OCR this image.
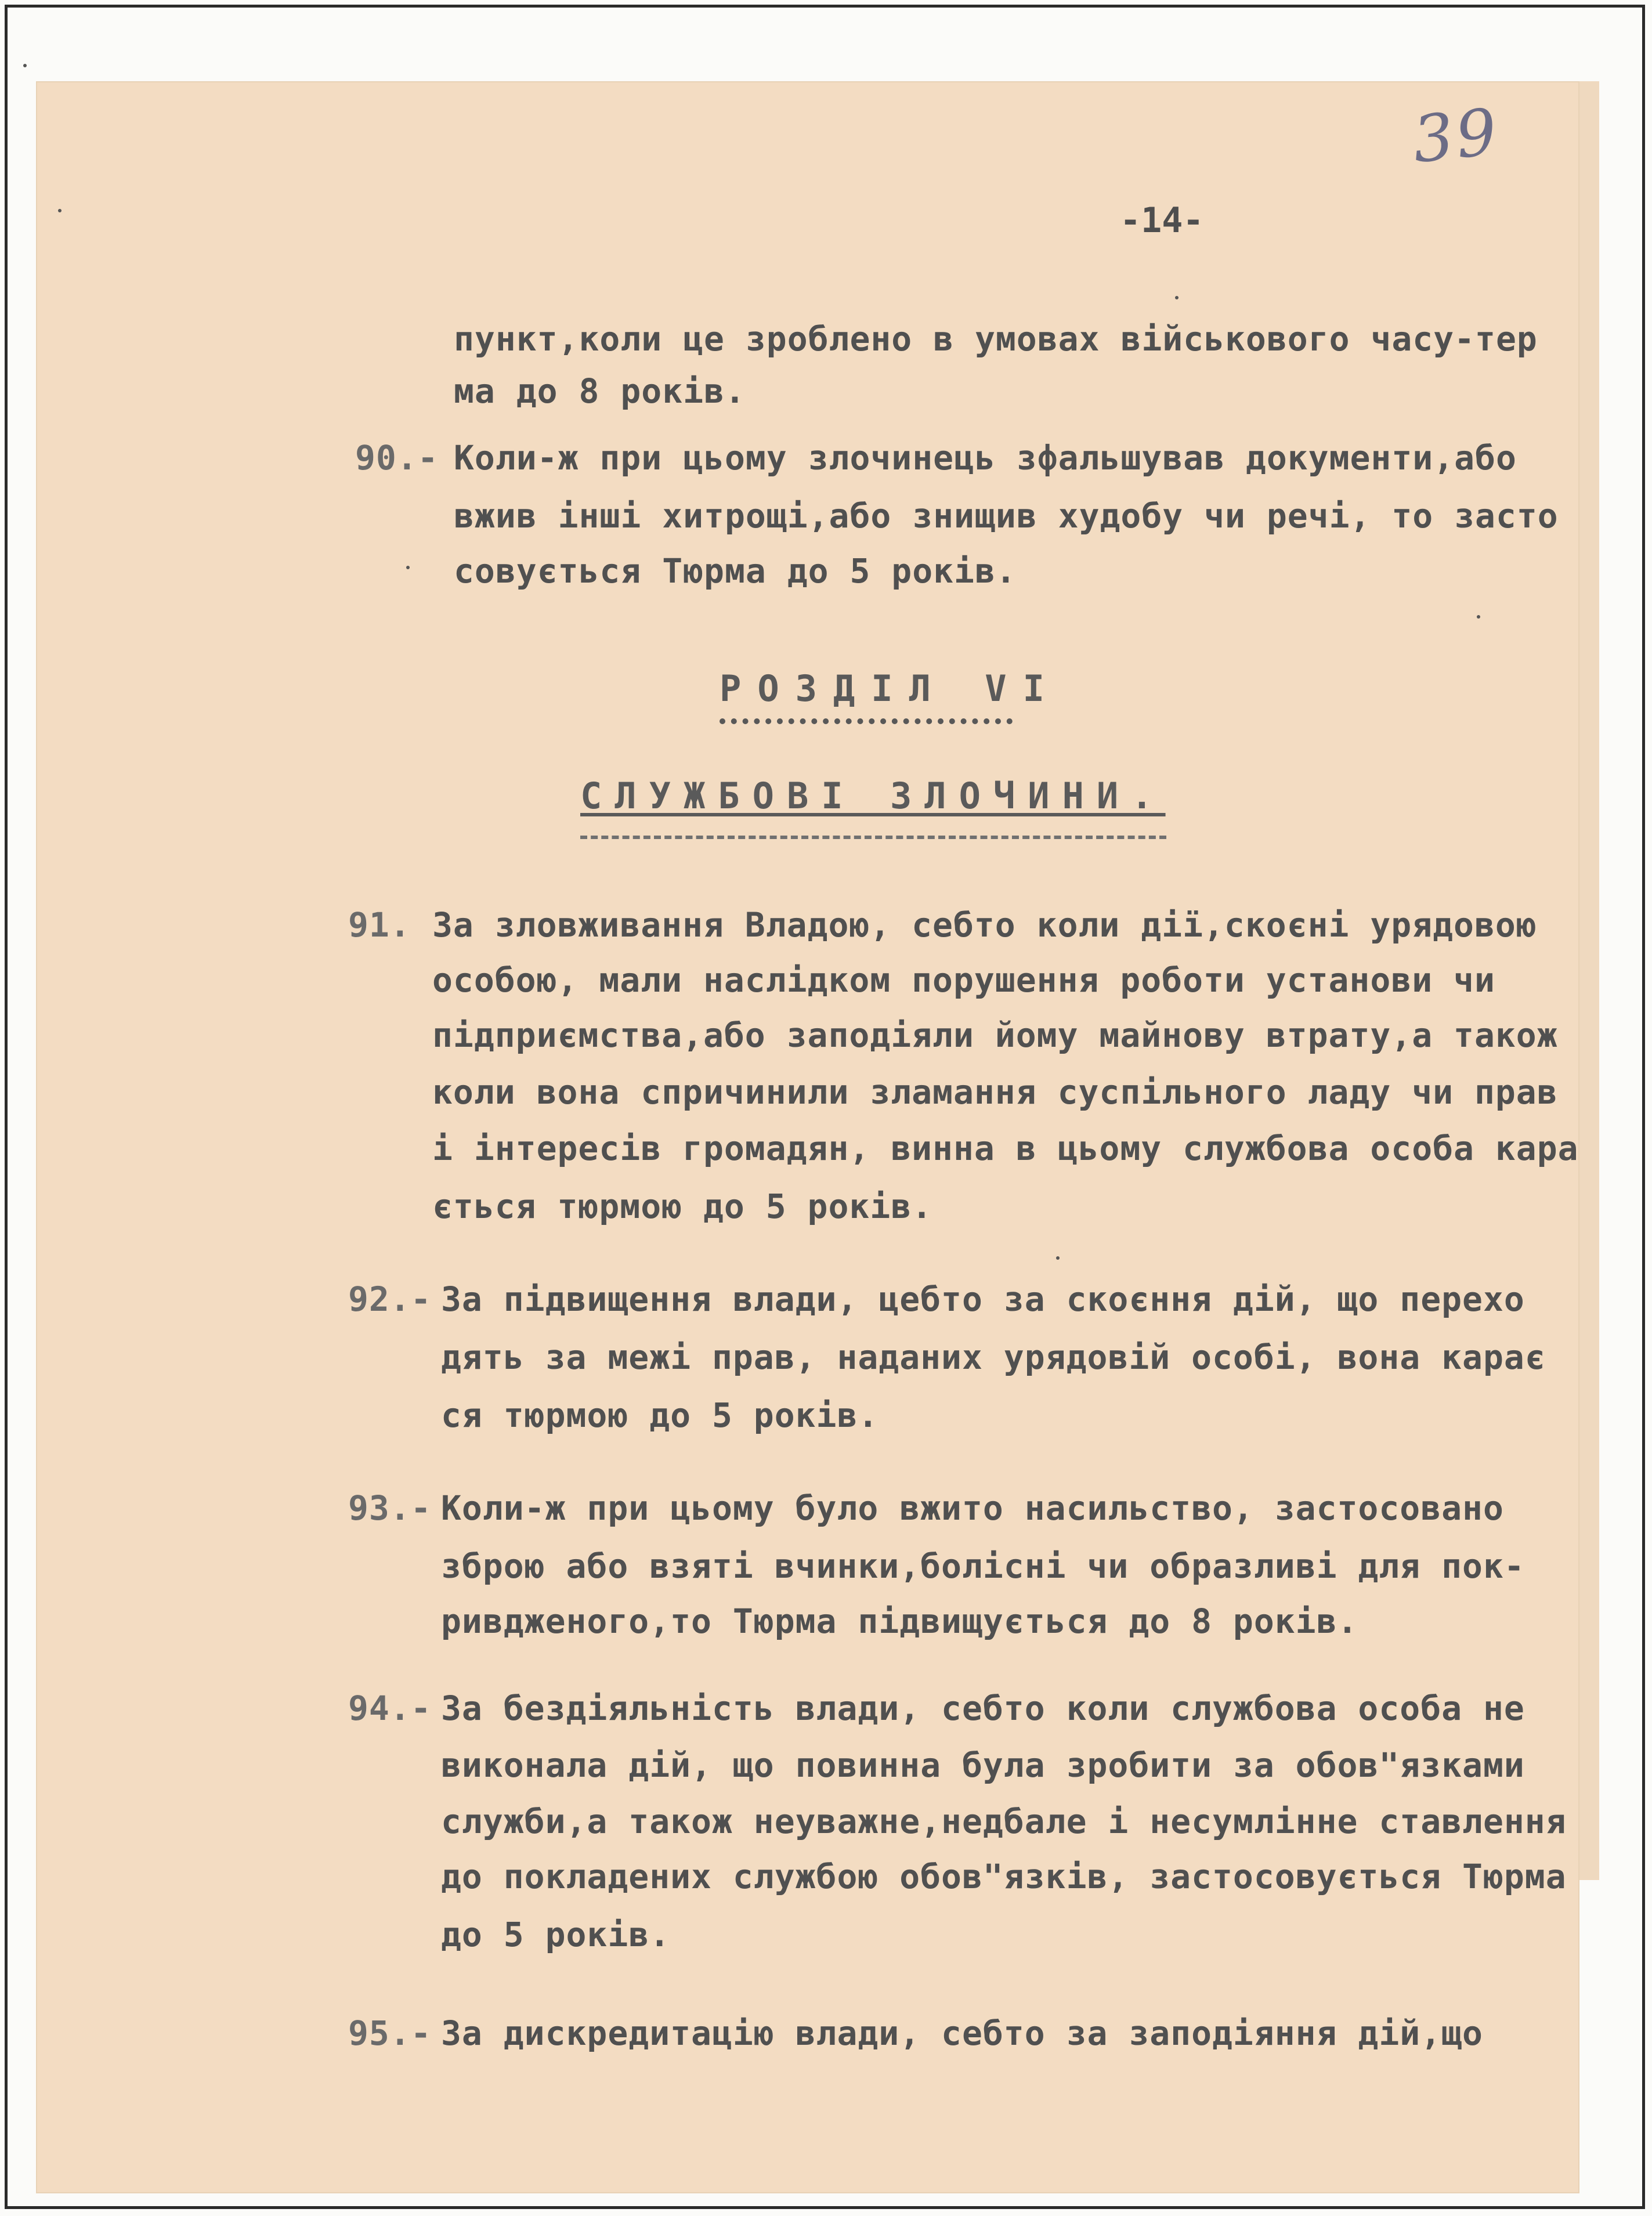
39
-14-
90.-
91.
92.-
93.-
94.-
95.-
пункт,коли це зроблено в умовах військового часу-тер
ма до 8 років.
Коли-ж при цьому злочинець зфальшував документи,або
вжив інші хитрощі,або знищив худобу чи речі, то засто
совується Тюрма до 5 років.
РОЗДІЛ VI
СЛУЖБОВІ ЗЛОЧИНИ.
За зловживання Владою, себто коли дії,скоєні урядовою
особою, мали наслідком порушення роботи установи чи
підприємства,або заподіяли йому майнову втрату,а також
коли вона спричинили зламання суспільного ладу чи прав
і інтересів громадян, винна в цьому службова особа кара
ється тюрмою до 5 років.
За підвищення влади, цебто за скоєння дій, що перехо
дять за межі прав, наданих урядовій особі, вона карає
ся тюрмою до 5 років.
Коли-ж при цьому було вжито насильство, застосовано
зброю або взяті вчинки,болісні чи образливі для пок-
ривдженого,то Тюрма підвищується до 8 років.
За бездіяльність влади, себто коли службова особа не
виконала дій, що повинна була зробити за обов"язками
служби,а також неуважне,недбале і несумлінне ставлення
до покладених службою обов"язків, застосовується Тюрма
до 5 років.
За дискредитацію влади, себто за заподіяння дій,що
